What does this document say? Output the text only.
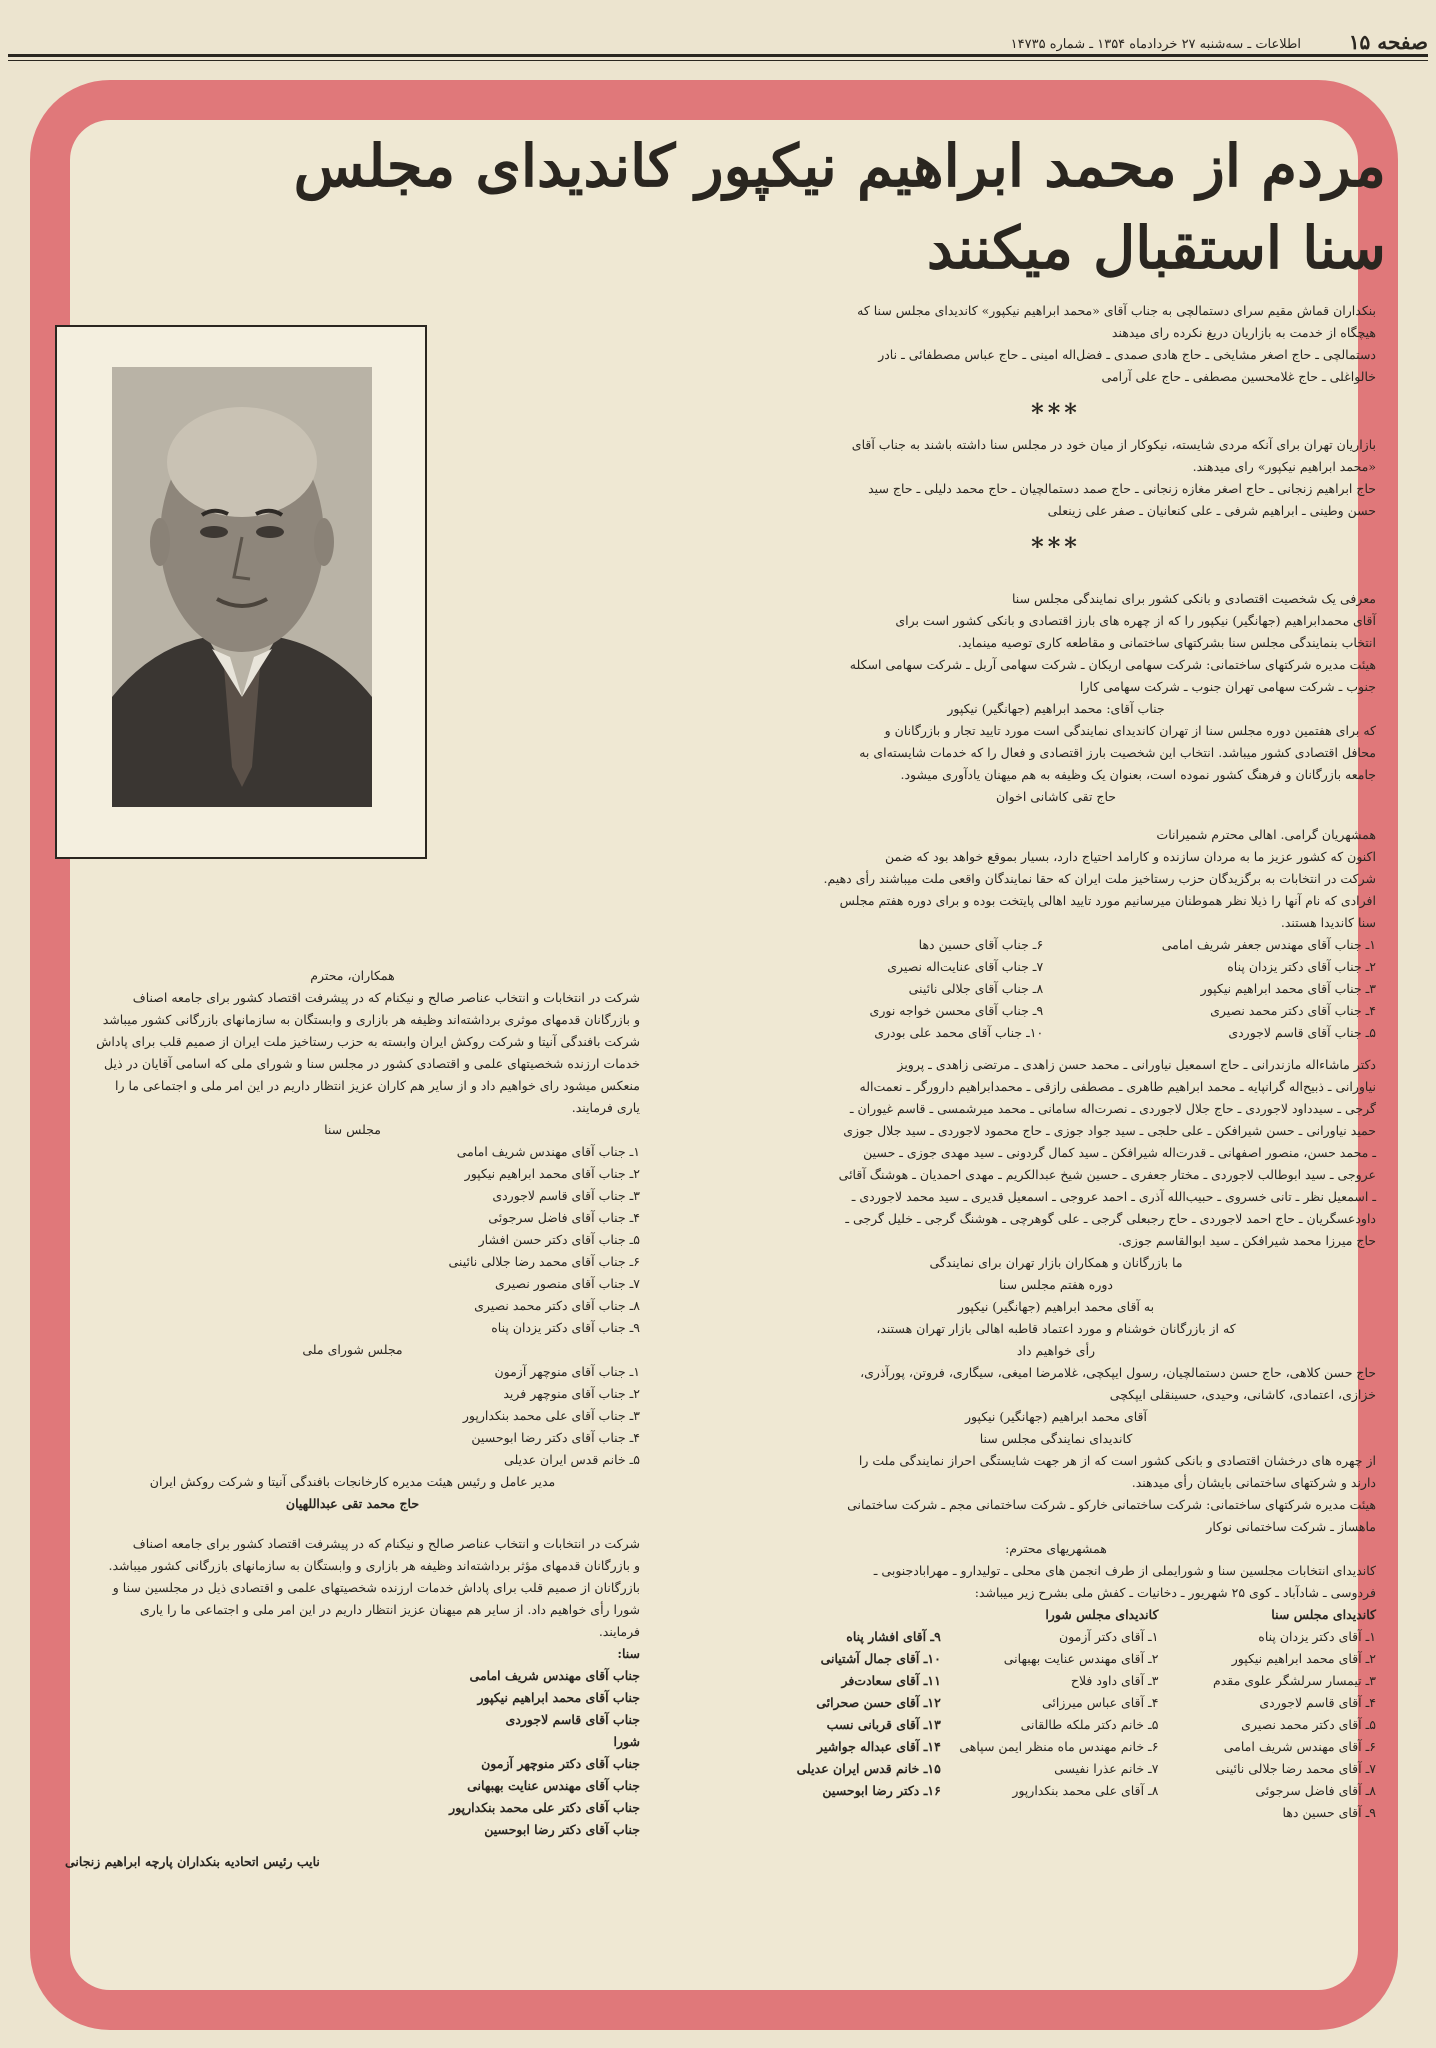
صفحه ۱۵
اطلاعات ـ سه‌شنبه ۲۷ خردادماه ۱۳۵۴ ـ شماره ۱۴۷۳۵
مردم از محمد ابراهیم نیکپور کاندیدای مجلس
سنا استقبال میکنند

بنکداران قماش مقیم سرای دستمالچی به جناب آقای «محمد ابراهیم نیکپور» کاندیدای مجلس سنا که

هیچگاه از خدمت به بازاریان دریغ نکرده رای میدهند

دستمالچی ـ حاج اصغر مشایخی ـ حاج هادی صمدی ـ فضل‌اله امینی ـ حاج عباس مصطفائی ـ نادر

خالواغلی ـ حاج غلامحسین مصطفی ـ حاج علی آرامی

***

بازاریان تهران برای آنکه مردی شایسته، نیکوکار از میان خود در مجلس سنا داشته باشند به جناب آقای

«محمد ابراهیم نیکپور» رای میدهند.

حاج ابراهیم زنجانی ـ حاج اصغر مغازه زنجانی ـ حاج صمد دستمالچیان ـ حاج محمد دلیلی ـ حاج سید

حسن وطینی ـ ابراهیم شرفی ـ علی کنعانیان ـ صفر علی زینعلی

***

معرفی یک شخصیت اقتصادی و بانکی کشور برای نمایندگی مجلس سنا

آقای محمدابراهیم (جهانگیر) نیکپور را که از چهره های بارز اقتصادی و بانکی کشور است برای

انتخاب بنمایندگی مجلس سنا بشرکتهای ساختمانی و مقاطعه کاری توصیه مینماید.

هیئت مدیره شرکتهای ساختمانی: شرکت سهامی اریکان ـ شرکت سهامی آربل ـ شرکت سهامی اسکله

جنوب ـ شرکت سهامی تهران جنوب ـ شرکت سهامی کارا

جناب آقای: محمد ابراهیم (جهانگیر) نیکپور

که برای هفتمین دوره مجلس سنا از تهران کاندیدای نمایندگی است مورد تایید تجار و بازرگانان و

محافل اقتصادی کشور میباشد. انتخاب این شخصیت بارز اقتصادی و فعال را که خدمات شایسته‌ای به

جامعه بازرگانان و فرهنگ کشور نموده است، بعنوان یک وظیفه به هم میهنان یادآوری میشود.

حاج تقی کاشانی اخوان

همشهریان گرامی. اهالی محترم شمیرانات

اکنون که کشور عزیز ما به مردان سازنده و کارامد احتیاج دارد، بسیار بموقع خواهد بود که ضمن

شرکت در انتخابات به برگزیدگان حزب رستاخیز ملت ایران که حقا نمایندگان واقعی ملت میباشند رأی دهیم.

افرادی که نام آنها را ذیلا نظر هموطنان میرسانیم مورد تایید اهالی پایتخت بوده و برای دوره هفتم مجلس

سنا کاندیدا هستند.

۱ـ جناب آقای مهندس جعفر شریف امامی
۲ـ جناب آقای دکتر یزدان پناه
۳ـ جناب آقای محمد ابراهیم نیکپور
۴ـ جناب آقای دکتر محمد نصیری
۵ـ جناب آقای قاسم لاجوردی
۶ـ جناب آقای حسین دها
۷ـ جناب آقای عنایت‌اله نصیری
۸ـ جناب آقای جلالی نائینی
۹ـ جناب آقای محسن خواجه نوری
۱۰ـ جناب آقای محمد علی بودری

دکتر ماشاءاله مازندرانی ـ حاج اسمعیل نیاورانی ـ محمد حسن زاهدی ـ مرتضی زاهدی ـ پرویز

نیاورانی ـ ذبیح‌اله گرانپایه ـ محمد ابراهیم طاهری ـ مصطفی رازقی ـ محمدابراهیم دارورگر ـ نعمت‌اله

گرجی ـ سیدداود لاجوردی ـ حاج جلال لاجوردی ـ نصرت‌اله سامانی ـ محمد میرشمسی ـ قاسم غیوران ـ

حمید نیاورانی ـ حسن شیرافکن ـ علی حلجی ـ سید جواد جوزی ـ حاج محمود لاجوردی ـ سید جلال جوزی

ـ محمد حسن، منصور اصفهانی ـ قدرت‌اله شیرافکن ـ سید کمال گردونی ـ سید مهدی جوزی ـ حسین

عروجی ـ سید ابوطالب لاجوردی ـ مختار جعفری ـ حسین شیخ عبدالکریم ـ مهدی احمدیان ـ هوشنگ آقائی

ـ اسمعیل نظر ـ تانی خسروی ـ حبیب‌الله آذری ـ احمد عروجی ـ اسمعیل قدیری ـ سید محمد لاجوردی ـ

داودعسگریان ـ حاج احمد لاجوردی ـ حاج رجبعلی گرجی ـ علی گوهرچی ـ هوشنگ گرجی ـ خلیل گرجی ـ

حاج میرزا محمد شیرافکن ـ سید ابوالقاسم جوزی.

ما بازرگانان و همکاران بازار تهران برای نمایندگی

دوره هفتم مجلس سنا

به آقای محمد ابراهیم (جهانگیر) نیکپور

که از بازرگانان خوشنام و مورد اعتماد قاطبه اهالی بازار تهران هستند،

رأی خواهیم داد

حاج حسن کلاهی، حاج حسن دستمالچیان، رسول ایپکچی، غلامرضا امیغی، سیگاری، فروتن، پورآذری،

خزازی، اعتمادی، کاشانی، وحیدی، حسینقلی ایپکچی

آقای محمد ابراهیم (جهانگیر) نیکپور

کاندیدای نمایندگی مجلس سنا

از چهره های درخشان اقتصادی و بانکی کشور است که از هر جهت شایستگی احراز نمایندگی ملت را

دارند و شرکتهای ساختمانی بایشان رأی میدهند.

هیئت مدیره شرکتهای ساختمانی: شرکت ساختمانی خارکو ـ شرکت ساختمانی مجم ـ شرکت ساختمانی

ماهساز ـ شرکت ساختمانی نوکار

همشهریهای محترم:

کاندیدای انتخابات مجلسین سنا و شورایملی از طرف انجمن های محلی ـ تولیدارو ـ مهرابادجنوبی ـ

فردوسی ـ شادآباد ـ کوی ۲۵ شهریور ـ دخانیات ـ کفش ملی بشرح زیر میباشد:

کاندیدای مجلس سنا
۱ـ آقای دکتر یزدان پناه
۲ـ آقای محمد ابراهیم نیکپور
۳ـ تیمسار سرلشگر علوی مقدم
۴ـ آقای قاسم لاجوردی
۵ـ آقای دکتر محمد نصیری
۶ـ آقای مهندس شریف امامی
۷ـ آقای محمد رضا جلالی نائینی
۸ـ آقای فاضل سرجوئی
۹ـ آقای حسین دها
کاندیدای مجلس شورا
۱ـ آقای دکتر آزمون
۲ـ آقای مهندس عنایت بهبهانی
۳ـ آقای داود فلاح
۴ـ آقای عباس میرزائی
۵ـ خانم دکتر ملکه طالقانی
۶ـ خانم مهندس ماه منظر ایمن سپاهی
۷ـ خانم عذرا نفیسی
۸ـ آقای علی محمد بنکدارپور
۹ـ آقای افشار پناه
۱۰ـ آقای جمال آشتیانی
۱۱ـ آقای سعادت‌فر
۱۲ـ آقای حسن صحرائی
۱۳ـ آقای قربانی نسب
۱۴ـ آقای عبداله جواشیر
۱۵ـ خانم قدس ایران عدیلی
۱۶ـ دکتر رضا ابوحسین

همکاران، محترم

شرکت در انتخابات و انتخاب عناصر صالح و نیکنام که در پیشرفت اقتصاد کشور برای جامعه اصناف

و بازرگانان قدمهای موثری برداشته‌اند وظیفه هر بازاری و وابستگان به سازمانهای بازرگانی کشور میباشد

شرکت بافندگی آنیتا و شرکت روکش ایران وابسته به حزب رستاخیز ملت ایران از صمیم قلب برای پاداش

خدمات ارزنده شخصیتهای علمی و اقتصادی کشور در مجلس سنا و شورای ملی که اسامی آقایان در ذیل

منعکس میشود رای خواهیم داد و از سایر هم کاران عزیز انتظار داریم در این امر ملی و اجتماعی ما را

یاری فرمایند.

مجلس سنا

۱ـ جناب آقای مهندس شریف امامی
۲ـ جناب آقای محمد ابراهیم نیکپور
۳ـ جناب آقای قاسم لاجوردی
۴ـ جناب آقای فاضل سرجوئی
۵ـ جناب آقای دکتر حسن افشار
۶ـ جناب آقای محمد رضا جلالی نائینی
۷ـ جناب آقای منصور نصیری
۸ـ جناب آقای دکتر محمد نصیری
۹ـ جناب آقای دکتر یزدان پناه

مجلس شورای ملی

۱ـ جناب آقای منوچهر آزمون
۲ـ جناب آقای منوچهر فرید
۳ـ جناب آقای علی محمد بنکدارپور
۴ـ جناب آقای دکتر رضا ابوحسین
۵ـ خانم قدس ایران عدیلی

مدیر عامل و رئیس هیئت مدیره کارخانجات بافندگی آنیتا و شرکت روکش ایران

حاج محمد تقی عبداللهیان

شرکت در انتخابات و انتخاب عناصر صالح و نیکنام که در پیشرفت اقتصاد کشور برای جامعه اصناف

و بازرگانان قدمهای مؤثر برداشته‌اند وظیفه هر بازاری و وابستگان به سازمانهای بازرگانی کشور میباشد.

بازرگانان از صمیم قلب برای پاداش خدمات ارزنده شخصیتهای علمی و اقتصادی ذیل در مجلسین سنا و

شورا رأی خواهیم داد. از سایر هم میهنان عزیز انتظار داریم در این امر ملی و اجتماعی ما را یاری

فرمایند.

سنا:

جناب آقای مهندس شریف امامی
جناب آقای محمد ابراهیم نیکپور
جناب آقای قاسم لاجوردی

شورا

جناب آقای دکتر منوچهر آزمون
جناب آقای مهندس عنایت بهبهانی
جناب آقای دکتر علی محمد بنکدارپور
جناب آقای دکتر رضا ابوحسین

نایب رئیس اتحادیه بنکداران پارچه ابراهیم زنجانی
